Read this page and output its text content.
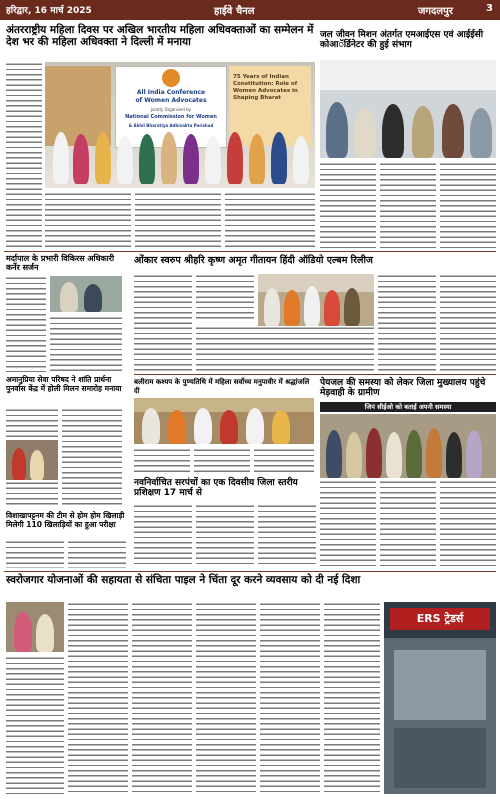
हरिद्वार, 16 मार्च 2025	हाईवे चैनल	जगदलपुर	3
अंतरराष्ट्रीय महिला दिवस पर अखिल भारतीय महिला अधिवक्ताओं का सम्मेलन में देश भर की महिला अधिवक्ता ने दिल्ली में मनाया
All India Conference
of Women Advocates
Jointly Organised by
National Commission for Women
& Akhil Bharatiya Adhivakta Parishad
75 Years of Indian Constitution: Role of Women Advocates in Shaping Bharat
जल जीवन मिशन अंतर्गत एमआईएस एवं आईईसी कोआॅर्डिनेटर की हुई संभाग
मर्दापाल के प्रभारी विकिरस अधिकारी कर्नेर सर्जन
ओंकार स्वरुप श्रीहरि कृष्ण अमृत गीतायन हिंदी ऑडियो एल्बम रिलीज
अमानुप्रिया सेवा परिषद ने शांति प्रार्थना पुनर्वास केंद्र में होली मिलन समारोह मनाया
बलीराम कश्यप के पुण्यतिथि में महिला सर्वोच्च मनुपावीर में श्रद्धांजलि दी
पेयजल की समस्या को लेकर जिला मुख्यालय पहुंचे मेड़वाही के ग्रामीण
जिपं सीईओ को बताई अपनी समस्या
नवनिर्वाचित सरपंचों का एक दिवसीय जिला स्तरीय प्रशिक्षण 17 मार्च से
विशाखापट्टनम की टीम से होम होम खिलाड़ी मिलेगी 110 खिलाड़ियों का हुआ परीक्षा
स्वरोजगार योजनाओं की सहायता से संचिता पाइल ने चिंता दूर करने व्यवसाय को दी नई दिशा
ERS ट्रेडर्स
